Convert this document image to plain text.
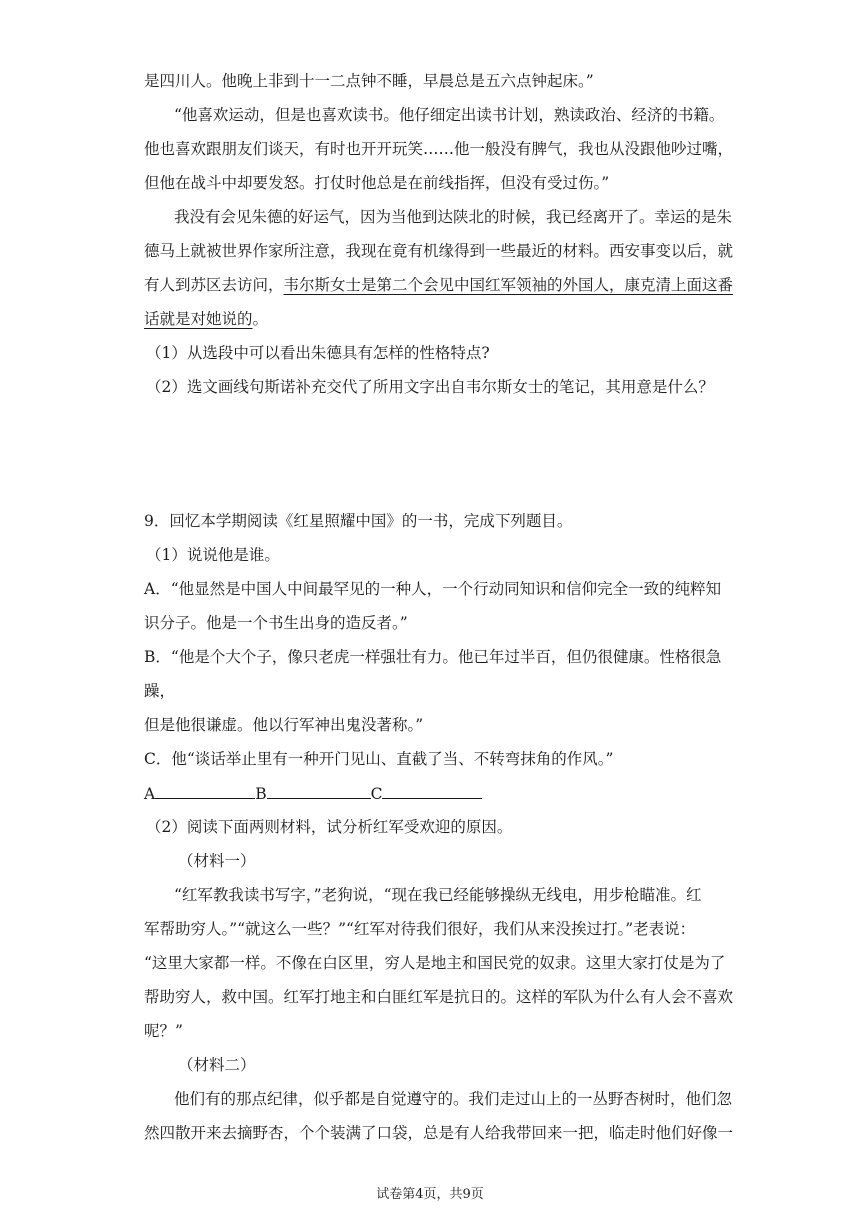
是四川人。他晚上非到十一二点钟不睡，早晨总是五六点钟起床。”
“他喜欢运动，但是也喜欢读书。他仔细定出读书计划，熟读政治、经济的书籍。
他也喜欢跟朋友们谈天，有时也开开玩笑……他一般没有脾气，我也从没跟他吵过嘴，
但他在战斗中却要发怒。打仗时他总是在前线指挥，但没有受过伤。”
我没有会见朱德的好运气，因为当他到达陕北的时候，我已经离开了。幸运的是朱
德马上就被世界作家所注意，我现在竟有机缘得到一些最近的材料。西安事变以后，就
有人到苏区去访问，韦尔斯女士是第二个会见中国红军领袖的外国人，康克清上面这番
话就是对她说的。
（1）从选段中可以看出朱德具有怎样的性格特点?
（2）选文画线句斯诺补充交代了所用文字出自韦尔斯女士的笔记，其用意是什么？
9．回忆本学期阅读《红星照耀中国》的一书，完成下列题目。
（1）说说他是谁。
A．“他显然是中国人中间最罕见的一种人，一个行动同知识和信仰完全一致的纯粹知
识分子。他是一个书生出身的造反者。”
B．“他是个大个子，像只老虎一样强壮有力。他已年过半百，但仍很健康。性格很急
躁，
但是他很谦虚。他以行军神出鬼没著称。”
C．他“谈话举止里有一种开门见山、直截了当、不转弯抹角的作风。”
A	B	C
（2）阅读下面两则材料，试分析红军受欢迎的原因。
（材料一）
“红军教我读书写字，”老狗说，“现在我已经能够操纵无线电，用步枪瞄准。红
军帮助穷人。”“就这么一些？”“红军对待我们很好，我们从来没挨过打。”老表说：
“这里大家都一样。不像在白区里，穷人是地主和国民党的奴隶。这里大家打仗是为了
帮助穷人，救中国。红军打地主和白匪红军是抗日的。这样的军队为什么有人会不喜欢
呢？”
（材料二）
他们有的那点纪律，似乎都是自觉遵守的。我们走过山上的一丛野杏树时，他们忽
然四散开来去摘野杏，个个装满了口袋，总是有人给我带回来一把，临走时他们好像一
试卷第4页，共9页
